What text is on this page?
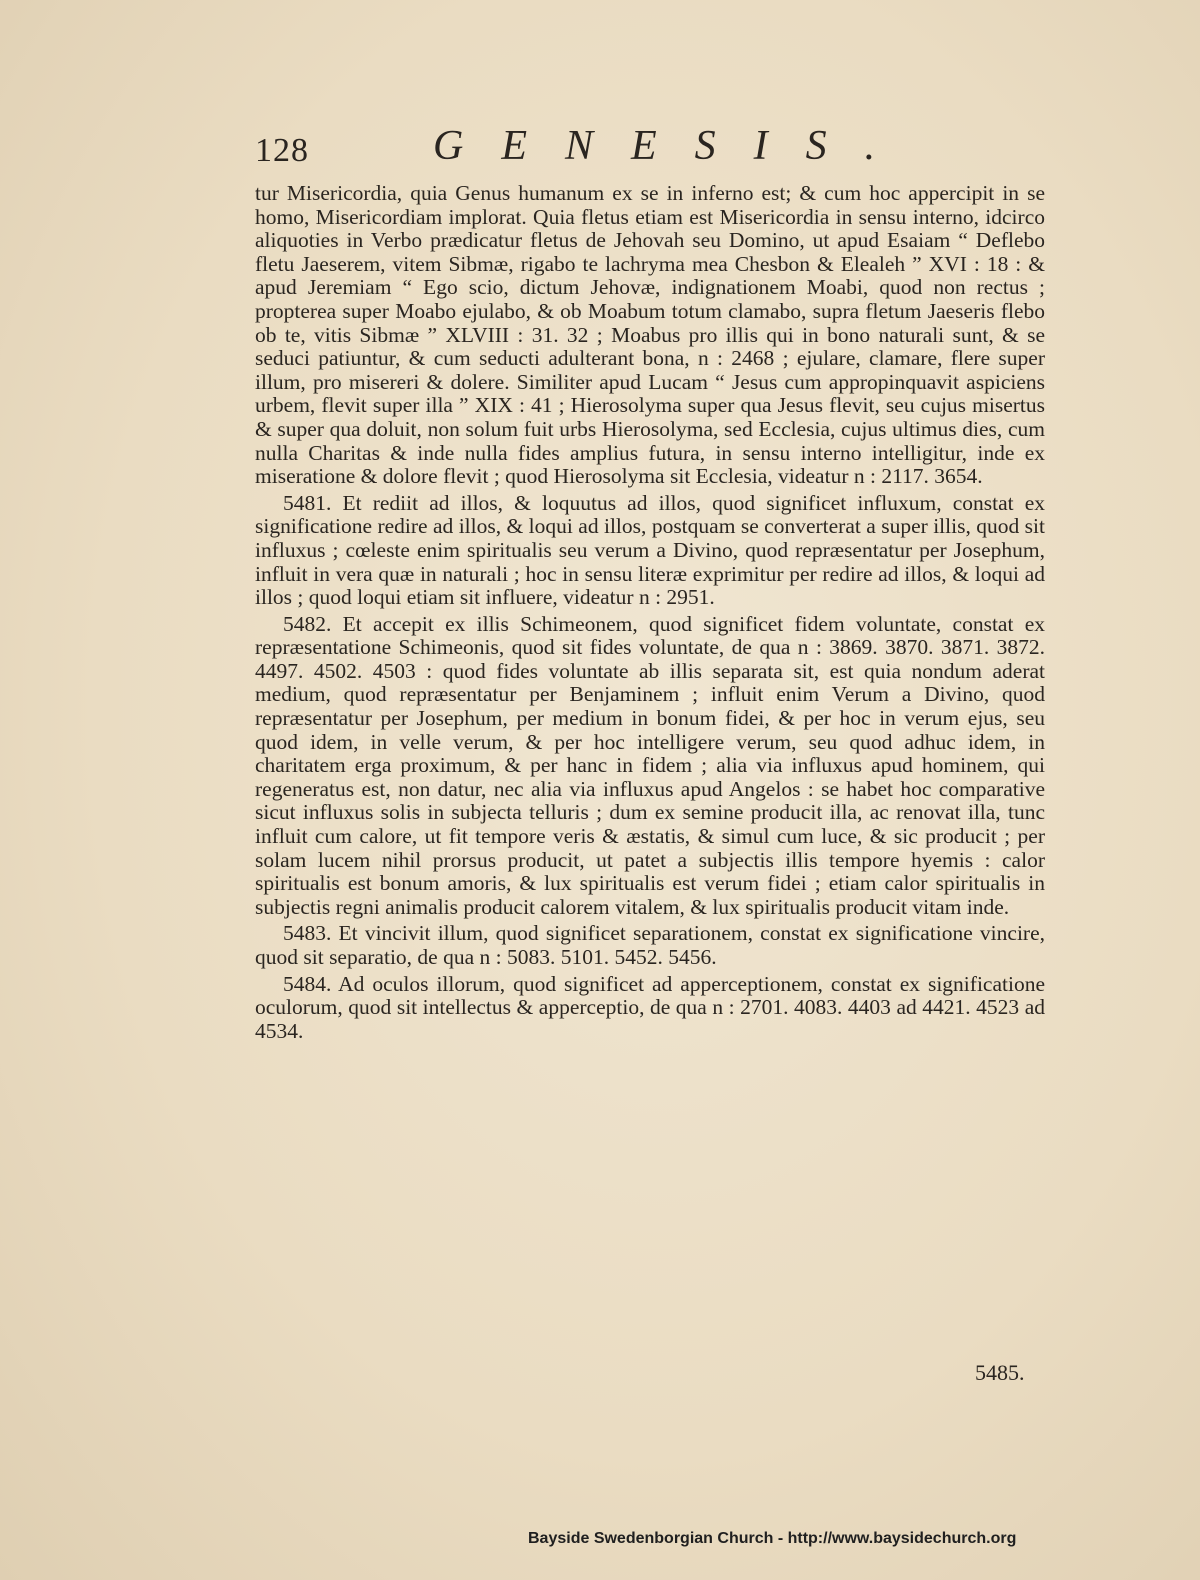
128	GENESIS.

tur Misericordia, quia Genus humanum ex se in inferno est; & cum hoc appercipit in se homo, Misericordiam implorat. Quia fletus etiam est Misericordia in sensu interno, idcirco aliquoties in Verbo prædicatur fletus de Jehovah seu Domino, ut apud Esaiam “ Deflebo fletu Jaeserem, vitem Sibmæ, rigabo te lachryma mea Chesbon & Elealeh ” XVI : 18 : & apud Jeremiam “ Ego scio, dictum Jehovæ, indignationem Moabi, quod non rectus ; propterea super Moabo ejulabo, & ob Moabum totum clamabo, supra fletum Jaeseris flebo ob te, vitis Sibmæ ” XLVIII : 31. 32 ; Moabus pro illis qui in bono naturali sunt, & se seduci patiuntur, & cum seducti adulterant bona, n : 2468 ; ejulare, clamare, flere super illum, pro misereri & dolere. Similiter apud Lucam “ Jesus cum appropinquavit aspiciens urbem, flevit super illa ” XIX : 41 ; Hierosolyma super qua Jesus flevit, seu cujus misertus & super qua doluit, non solum fuit urbs Hierosolyma, sed Ecclesia, cujus ultimus dies, cum nulla Charitas & inde nulla fides amplius futura, in sensu interno intelligitur, inde ex miseratione & dolore flevit ; quod Hierosolyma sit Ecclesia, videatur n : 2117. 3654.

5481. Et rediit ad illos, & loquutus ad illos, quod significet influxum, constat ex significatione redire ad illos, & loqui ad illos, postquam se converterat a super illis, quod sit influxus ; cœleste enim spiritualis seu verum a Divino, quod repræsentatur per Josephum, influit in vera quæ in naturali ; hoc in sensu literæ exprimitur per redire ad illos, & loqui ad illos ; quod loqui etiam sit influere, videatur n : 2951.

5482. Et accepit ex illis Schimeonem, quod significet fidem voluntate, constat ex repræsentatione Schimeonis, quod sit fides voluntate, de qua n : 3869. 3870. 3871. 3872. 4497. 4502. 4503 : quod fides voluntate ab illis separata sit, est quia nondum aderat medium, quod repræsentatur per Benjaminem ; influit enim Verum a Divino, quod repræsentatur per Josephum, per medium in bonum fidei, & per hoc in verum ejus, seu quod idem, in velle verum, & per hoc intelligere verum, seu quod adhuc idem, in charitatem erga proximum, & per hanc in fidem ; alia via influxus apud hominem, qui regeneratus est, non datur, nec alia via influxus apud Angelos : se habet hoc comparative sicut influxus solis in subjecta telluris ; dum ex semine producit illa, ac renovat illa, tunc influit cum calore, ut fit tempore veris & æstatis, & simul cum luce, & sic producit ; per solam lucem nihil prorsus producit, ut patet a subjectis illis tempore hyemis : calor spiritualis est bonum amoris, & lux spiritualis est verum fidei ; etiam calor spiritualis in subjectis regni animalis producit calorem vitalem, & lux spiritualis producit vitam inde.

5483. Et vincivit illum, quod significet separationem, constat ex significatione vincire, quod sit separatio, de qua n : 5083. 5101. 5452. 5456.

5484. Ad oculos illorum, quod significet ad apperceptionem, constat ex significatione oculorum, quod sit intellectus & apperceptio, de qua n : 2701. 4083. 4403 ad 4421. 4523 ad 4534.

5485.
Bayside Swedenborgian Church - http://www.baysidechurch.org
